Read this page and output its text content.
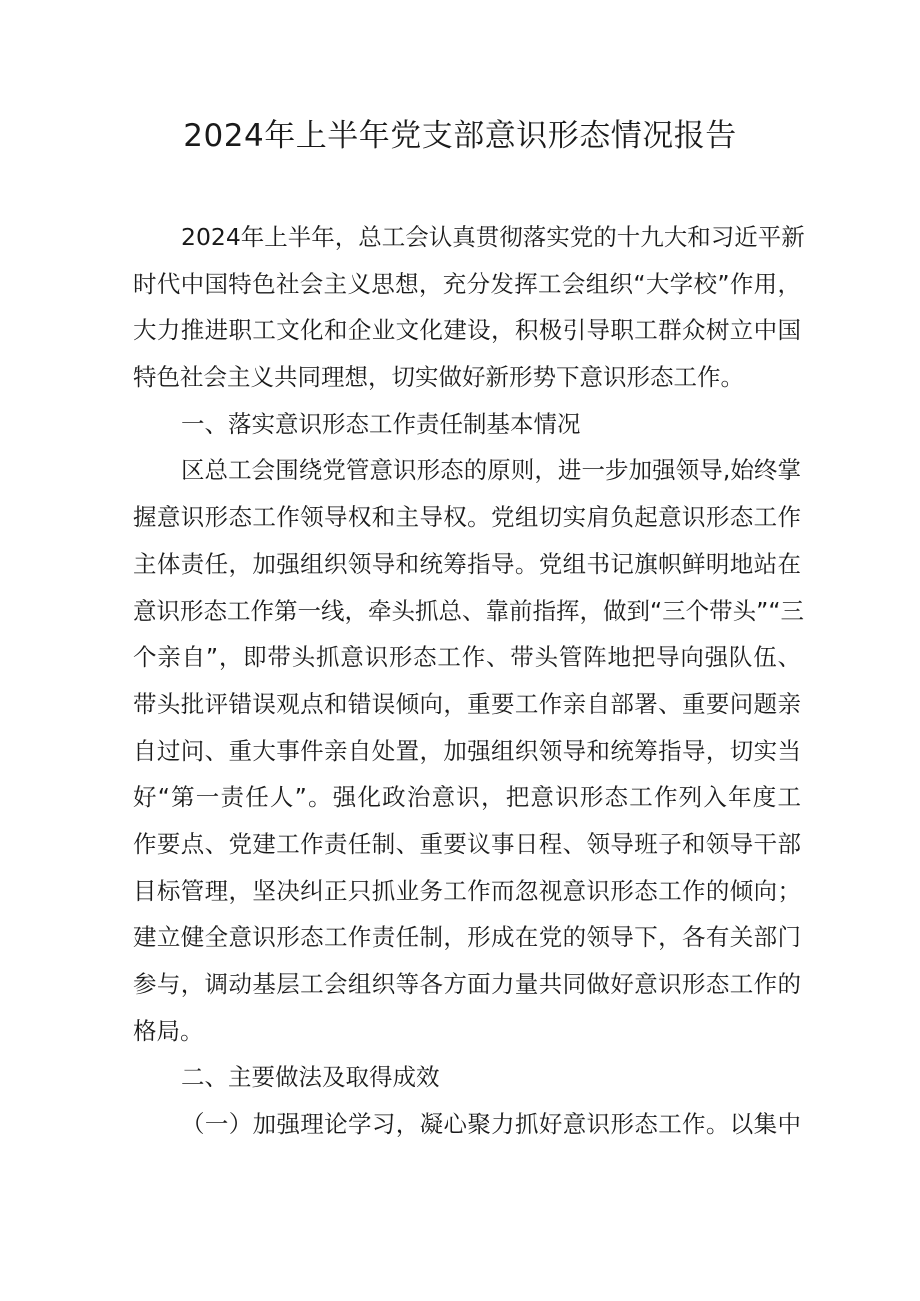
2024年上半年党支部意识形态情况报告

2024年上半年，总工会认真贯彻落实党的十九大和习近平新
时代中国特色社会主义思想，充分发挥工会组织“大学校”作用，
大力推进职工文化和企业文化建设，积极引导职工群众树立中国
特色社会主义共同理想，切实做好新形势下意识形态工作。

一、落实意识形态工作责任制基本情况

区总工会围绕党管意识形态的原则，进一步加强领导,始终掌
握意识形态工作领导权和主导权。党组切实肩负起意识形态工作
主体责任，加强组织领导和统筹指导。党组书记旗帜鲜明地站在
意识形态工作第一线，牵头抓总、靠前指挥，做到“三个带头”“三
个亲自”，即带头抓意识形态工作、带头管阵地把导向强队伍、
带头批评错误观点和错误倾向，重要工作亲自部署、重要问题亲
自过问、重大事件亲自处置，加强组织领导和统筹指导，切实当
好“第一责任人”。强化政治意识，把意识形态工作列入年度工
作要点、党建工作责任制、重要议事日程、领导班子和领导干部
目标管理，坚决纠正只抓业务工作而忽视意识形态工作的倾向；
建立健全意识形态工作责任制，形成在党的领导下，各有关部门
参与，调动基层工会组织等各方面力量共同做好意识形态工作的
格局。

二、主要做法及取得成效

（一）加强理论学习，凝心聚力抓好意识形态工作。以集中
